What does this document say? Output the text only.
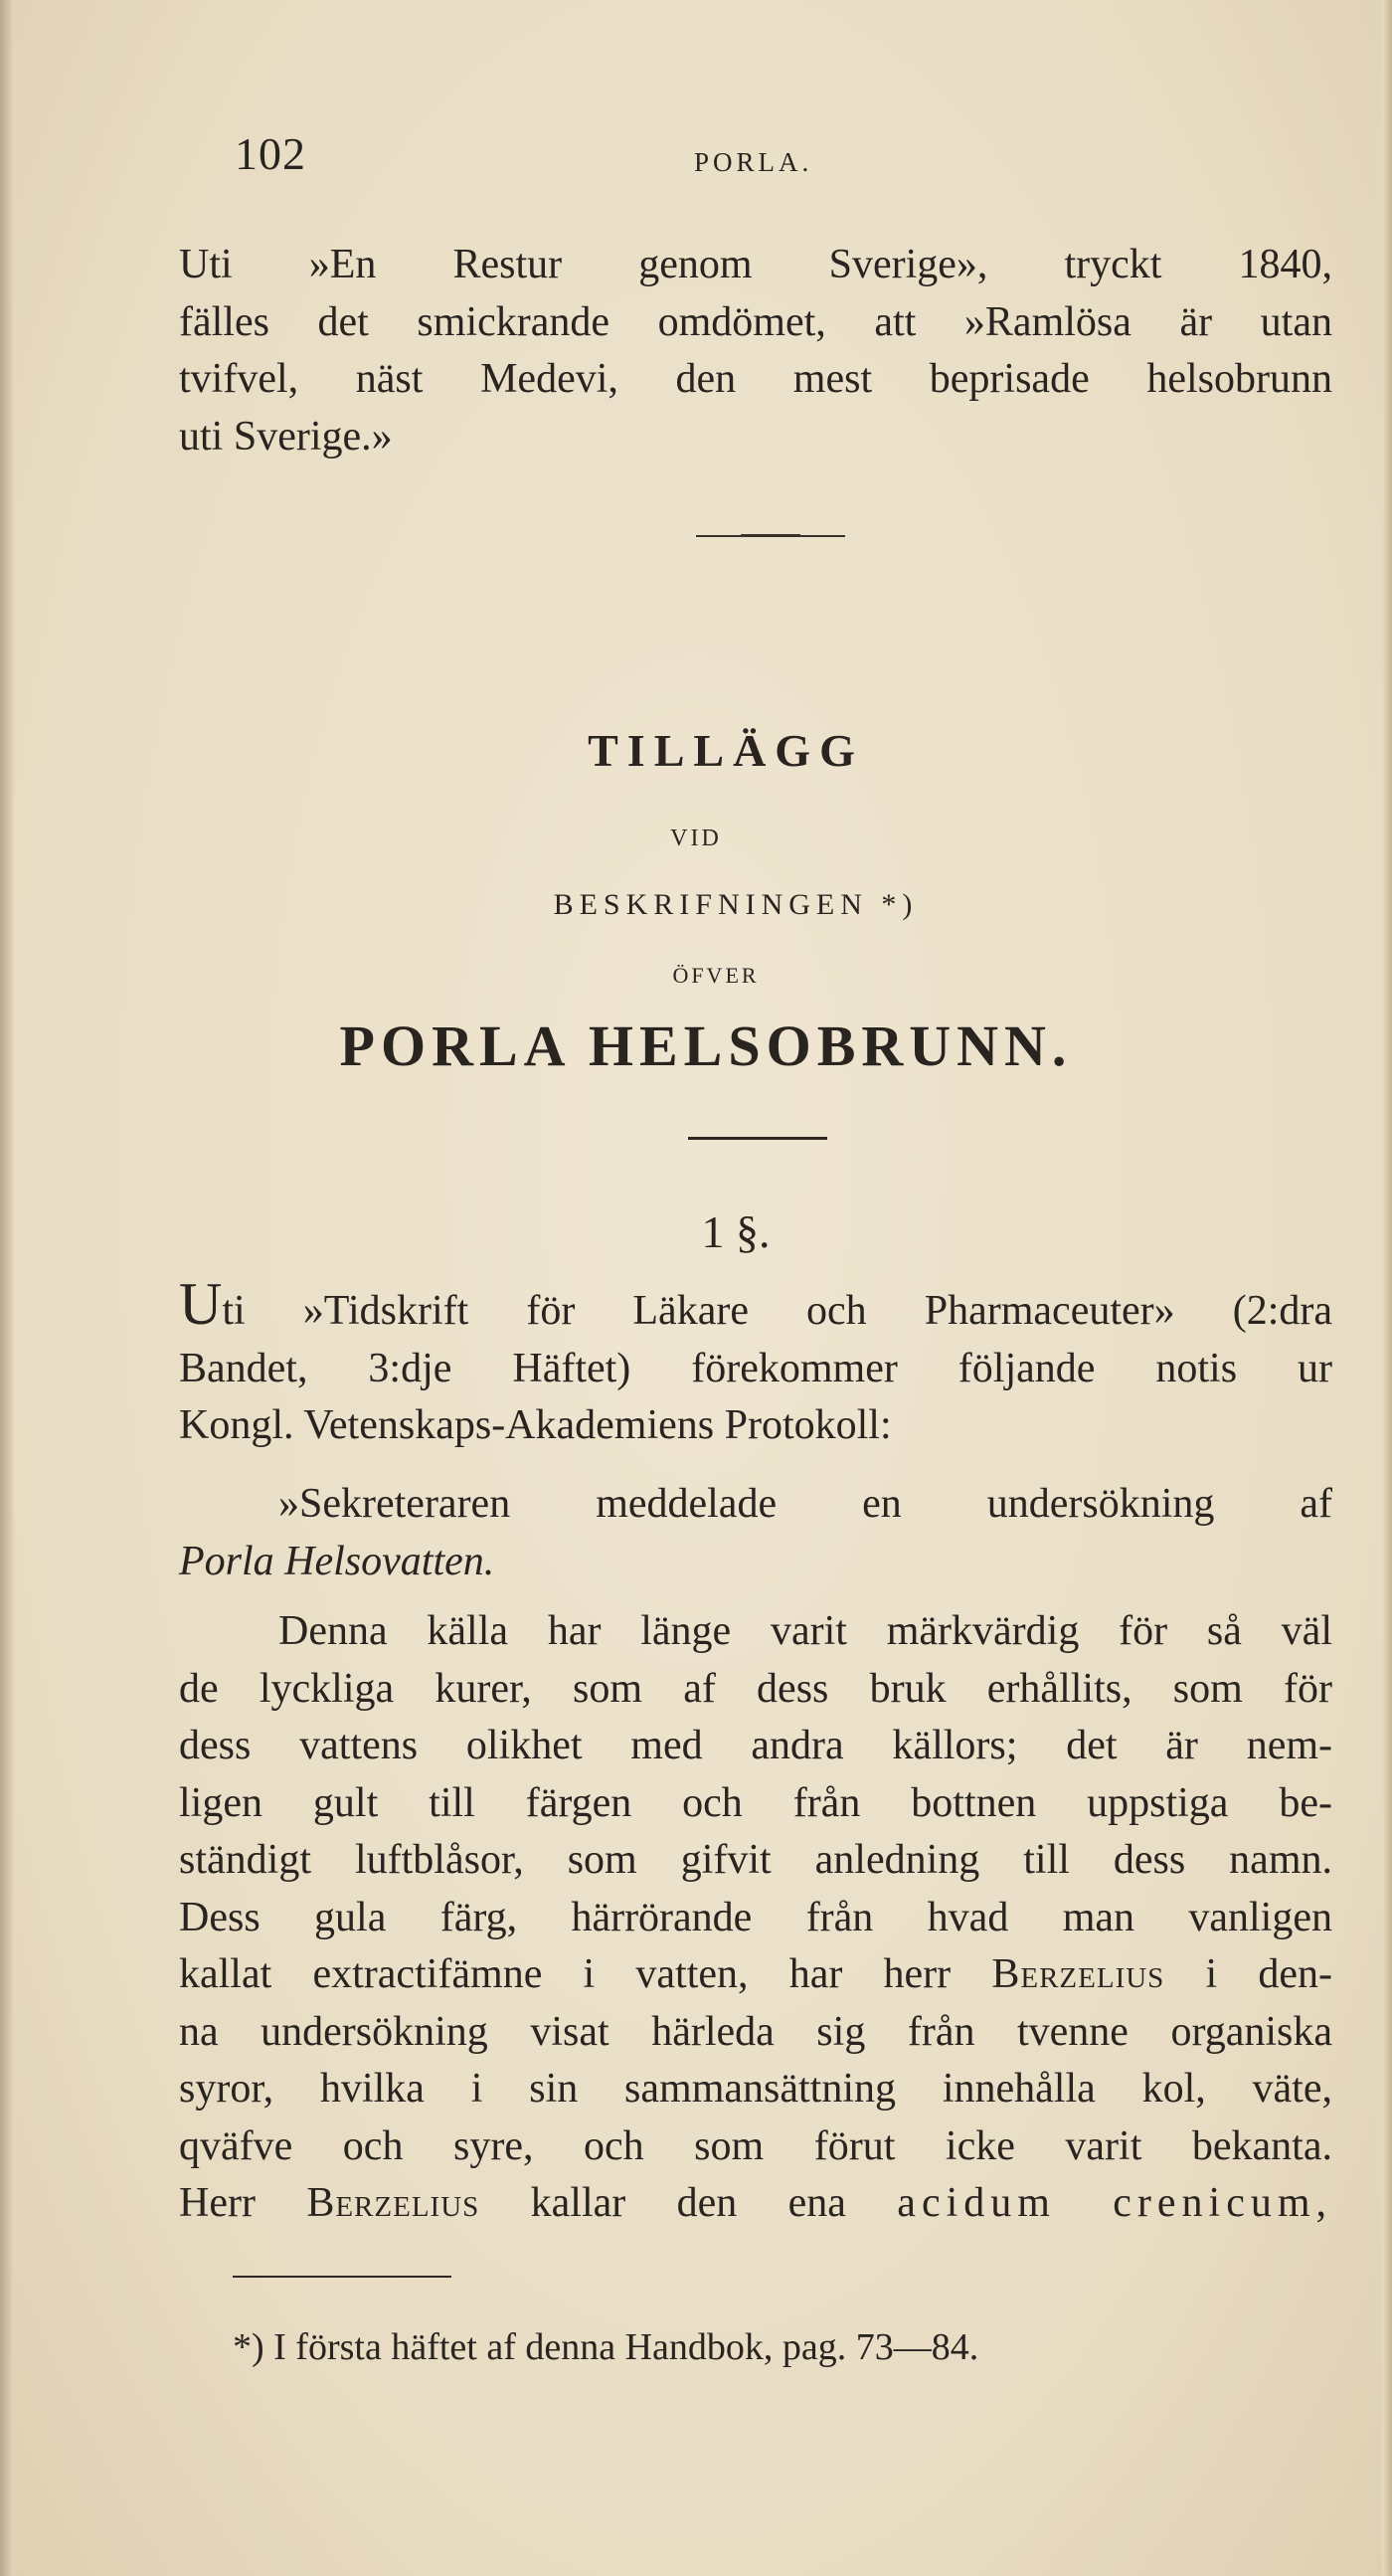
102	PORLA.
Uti »En Restur genom Sverige», tryckt 1840,
fälles det smickrande omdömet, att »Ramlösa är utan
tvifvel, näst Medevi, den mest beprisade helsobrunn
uti Sverige.»
TILLÄGG
VID
BESKRIFNINGEN *)
ÖFVER
PORLA HELSOBRUNN.
1 §.
Uti »Tidskrift för Läkare och Pharmaceuter» (2:dra
Bandet, 3:dje Häftet) förekommer följande notis ur
Kongl. Vetenskaps-Akademiens Protokoll:
»Sekreteraren meddelade en undersökning af
Porla Helsovatten.
Denna källa har länge varit märkvärdig för så väl
de lyckliga kurer, som af dess bruk erhållits, som för
dess vattens olikhet med andra källors; det är nem-
ligen gult till färgen och från bottnen uppstiga be-
ständigt luftblåsor, som gifvit anledning till dess namn.
Dess gula färg, härrörande från hvad man vanligen
kallat extractifämne i vatten, har herr Berzelius i den-
na undersökning visat härleda sig från tvenne organiska
syror, hvilka i sin sammansättning innehålla kol, väte,
qväfve och syre, och som förut icke varit bekanta.
Herr Berzelius kallar den ena acidum crenicum,
*) I första häftet af denna Handbok, pag. 73—84.
